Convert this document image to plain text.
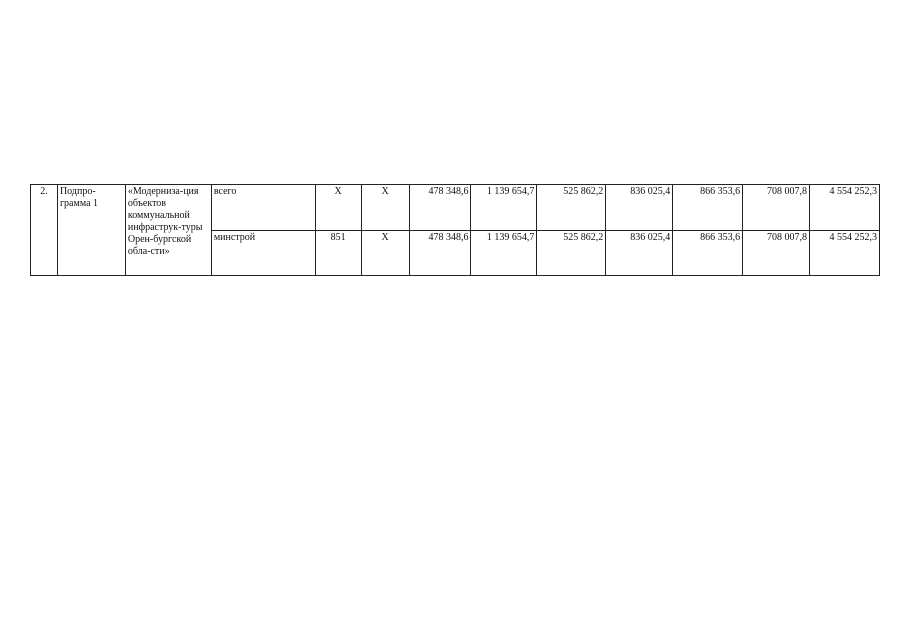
2.	Подпро-грамма 1	«Модерниза-ция объектов коммунальной инфраструк-туры Орен-бургской обла-сти»	всего	X	X	478 348,6	1 139 654,7	525 862,2	836 025,4	866 353,6	708 007,8	4 554 252,3
			минстрой	851	X	478 348,6	1 139 654,7	525 862,2	836 025,4	866 353,6	708 007,8	4 554 252,3
